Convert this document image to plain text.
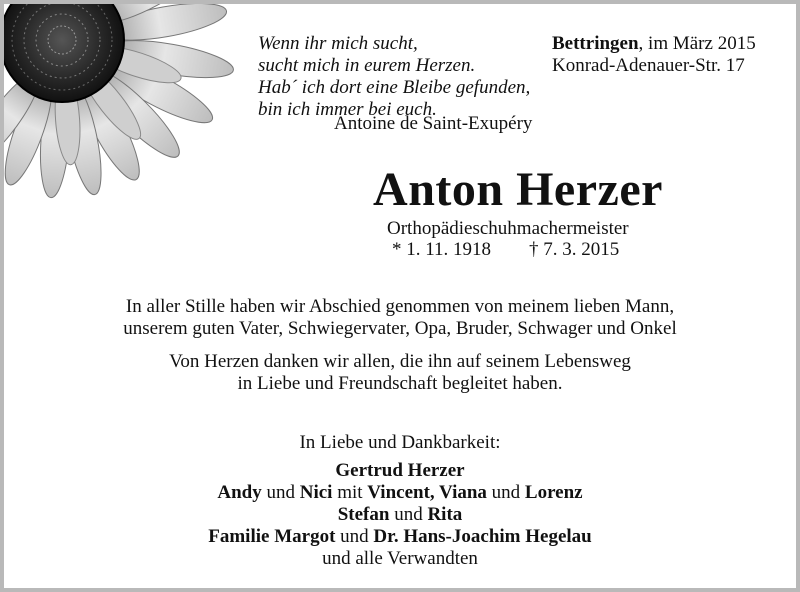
Wenn ihr mich sucht,
sucht mich in eurem Herzen.
Hab´ ich dort eine Bleibe gefunden,
bin ich immer bei euch.
Antoine de Saint-Exupéry
Bettringen, im März 2015
Konrad-Adenauer-Str. 17
Anton Herzer
Orthopädieschuhmachermeister
* 1. 11. 1918 † 7. 3. 2015
In aller Stille haben wir Abschied genommen von meinem lieben Mann,
unserem guten Vater, Schwiegervater, Opa, Bruder, Schwager und Onkel
Von Herzen danken wir allen, die ihn auf seinem Lebensweg
in Liebe und Freundschaft begleitet haben.
In Liebe und Dankbarkeit:
Gertrud Herzer
Andy und Nici mit Vincent, Viana und Lorenz
Stefan und Rita
Familie Margot und Dr. Hans-Joachim Hegelau
und alle Verwandten
